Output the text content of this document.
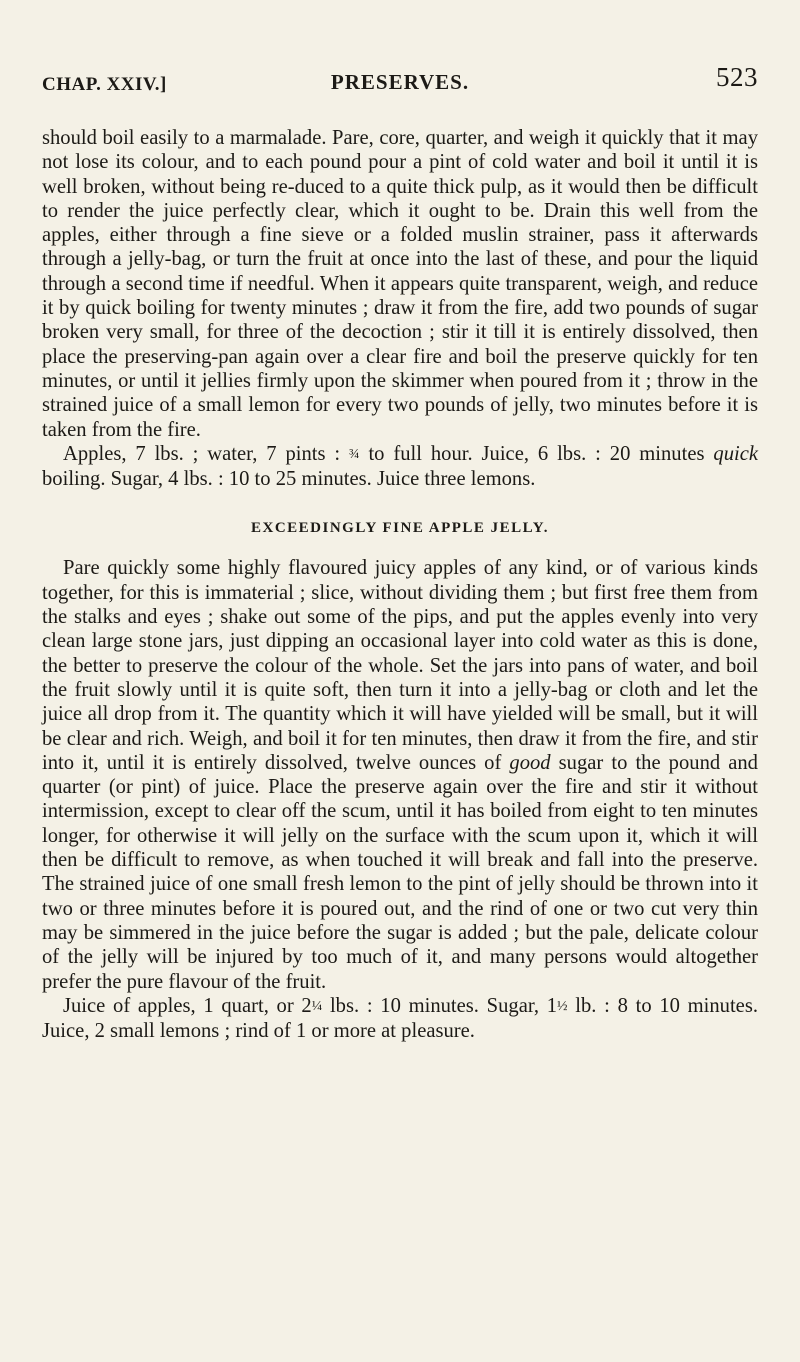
CHAP. XXIV.]	PRESERVES.	523

should boil easily to a marmalade. Pare, core, quarter, and weigh it quickly that it may not lose its colour, and to each pound pour a pint of cold water and boil it until it is well broken, without being re-duced to a quite thick pulp, as it would then be difficult to render the juice perfectly clear, which it ought to be. Drain this well from the apples, either through a fine sieve or a folded muslin strainer, pass it afterwards through a jelly-bag, or turn the fruit at once into the last of these, and pour the liquid through a second time if needful. When it appears quite transparent, weigh, and reduce it by quick boiling for twenty minutes ; draw it from the fire, add two pounds of sugar broken very small, for three of the decoction ; stir it till it is entirely dissolved, then place the preserving-pan again over a clear fire and boil the preserve quickly for ten minutes, or until it jellies firmly upon the skimmer when poured from it ; throw in the strained juice of a small lemon for every two pounds of jelly, two minutes before it is taken from the fire.

Apples, 7 lbs. ; water, 7 pints : ¾ to full hour. Juice, 6 lbs. : 20 minutes quick boiling. Sugar, 4 lbs. : 10 to 25 minutes. Juice three lemons.

EXCEEDINGLY FINE APPLE JELLY.

Pare quickly some highly flavoured juicy apples of any kind, or of various kinds together, for this is immaterial ; slice, without dividing them ; but first free them from the stalks and eyes ; shake out some of the pips, and put the apples evenly into very clean large stone jars, just dipping an occasional layer into cold water as this is done, the better to preserve the colour of the whole. Set the jars into pans of water, and boil the fruit slowly until it is quite soft, then turn it into a jelly-bag or cloth and let the juice all drop from it. The quantity which it will have yielded will be small, but it will be clear and rich. Weigh, and boil it for ten minutes, then draw it from the fire, and stir into it, until it is entirely dissolved, twelve ounces of good sugar to the pound and quarter (or pint) of juice. Place the preserve again over the fire and stir it without intermission, except to clear off the scum, until it has boiled from eight to ten minutes longer, for otherwise it will jelly on the surface with the scum upon it, which it will then be difficult to remove, as when touched it will break and fall into the preserve. The strained juice of one small fresh lemon to the pint of jelly should be thrown into it two or three minutes before it is poured out, and the rind of one or two cut very thin may be simmered in the juice before the sugar is added ; but the pale, delicate colour of the jelly will be injured by too much of it, and many persons would altogether prefer the pure flavour of the fruit.

Juice of apples, 1 quart, or 2¼ lbs. : 10 minutes. Sugar, 1½ lb. : 8 to 10 minutes. Juice, 2 small lemons ; rind of 1 or more at pleasure.
